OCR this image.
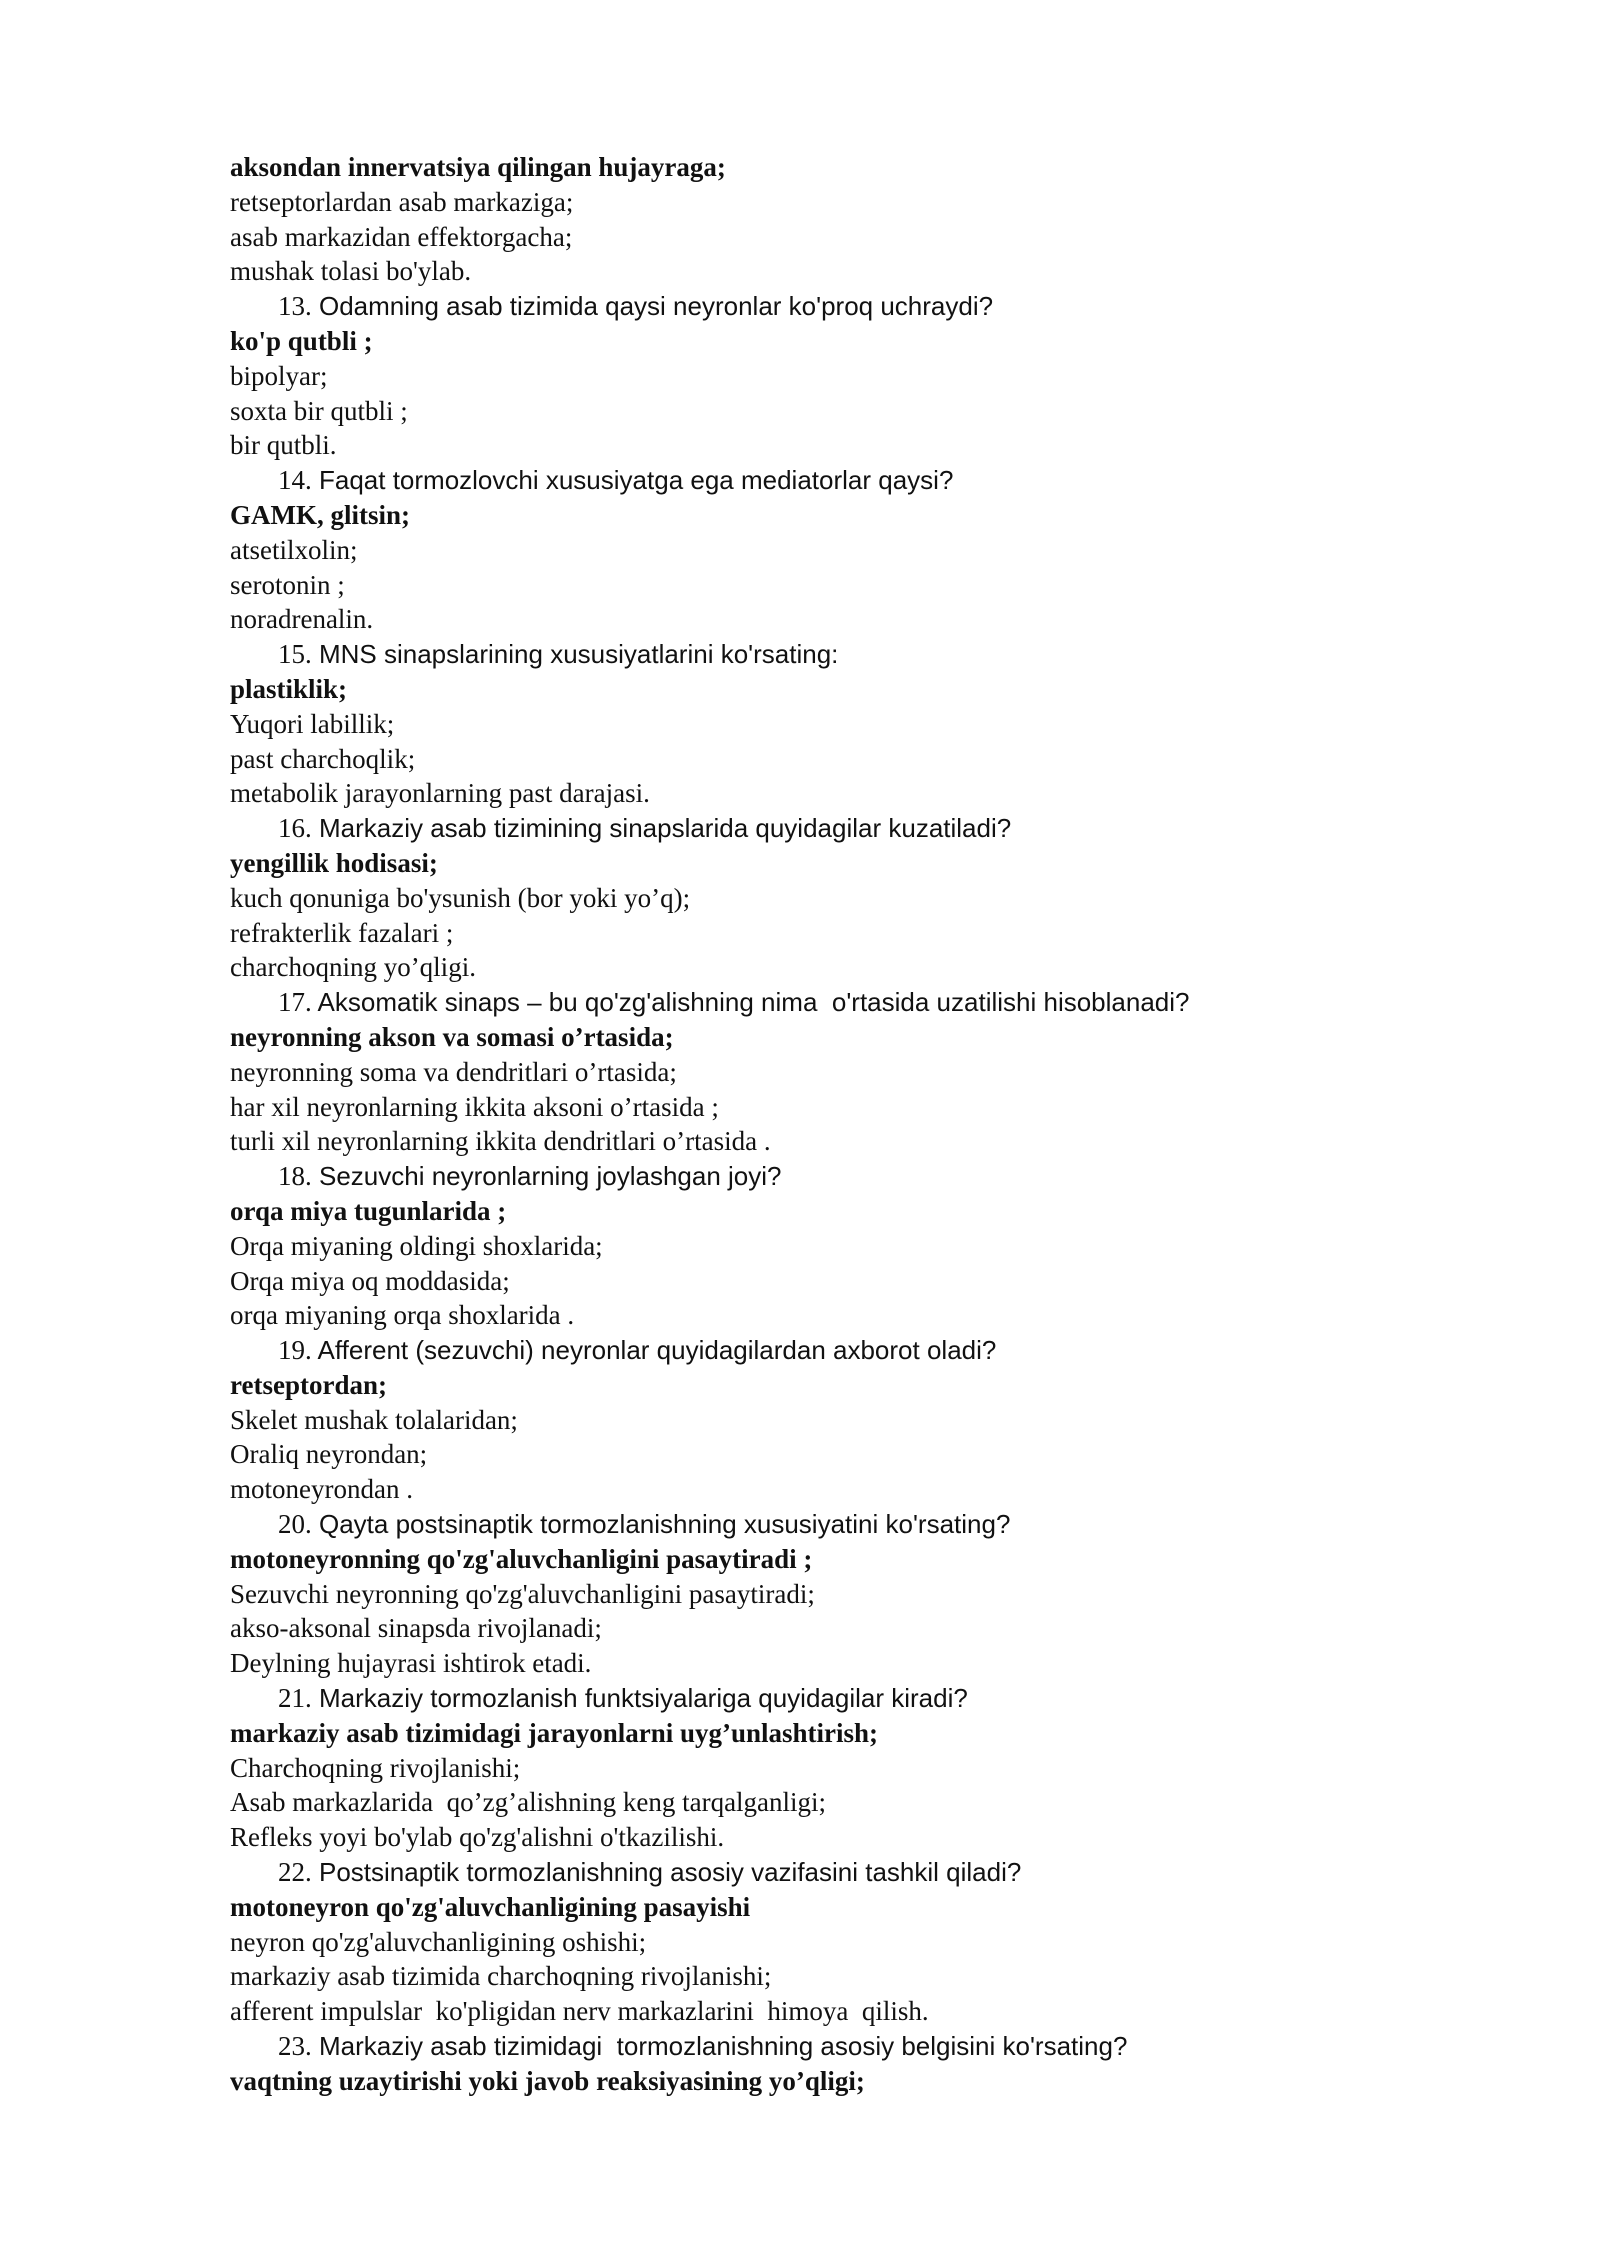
aksondan innervatsiya qilingan hujayraga;
retseptorlardan asab markaziga;
asab markazidan effektorgacha;
mushak tolasi bo'ylab.
13. Odamning asab tizimida qaysi neyronlar ko'proq uchraydi?
ko'p qutbli ;
bipolyar;
soxta bir qutbli ;
bir qutbli.
14. Faqat tormozlovchi xususiyatga ega mediatorlar qaysi?
GAMK, glitsin;
atsetilxolin;
serotonin ;
noradrenalin.
15. MNS sinapslarining xususiyatlarini ko'rsating:
plastiklik;
Yuqori labillik;
past charchoqlik;
metabolik jarayonlarning past darajasi.
16. Markaziy asab tizimining sinapslarida quyidagilar kuzatiladi?
yengillik hodisasi;
kuch qonuniga bo'ysunish (bor yoki yo’q);
refrakterlik fazalari ;
charchoqning yo’qligi.
17. Aksomatik sinaps – bu qo'zg'alishning nima  o'rtasida uzatilishi hisoblanadi?
neyronning akson va somasi o’rtasida;
neyronning soma va dendritlari o’rtasida;
har xil neyronlarning ikkita aksoni o’rtasida ;
turli xil neyronlarning ikkita dendritlari o’rtasida .
18. Sezuvchi neyronlarning joylashgan joyi?
orqa miya tugunlarida ;
Orqa miyaning oldingi shoxlarida;
Orqa miya oq moddasida;
orqa miyaning orqa shoxlarida .
19. Afferent (sezuvchi) neyronlar quyidagilardan axborot oladi?
retseptordan;
Skelet mushak tolalaridan;
Oraliq neyrondan;
motoneyrondan .
20. Qayta postsinaptik tormozlanishning xususiyatini ko'rsating?
motoneyronning qo'zg'aluvchanligini pasaytiradi ;
Sezuvchi neyronning qo'zg'aluvchanligini pasaytiradi;
akso-aksonal sinapsda rivojlanadi;
Deylning hujayrasi ishtirok etadi.
21. Markaziy tormozlanish funktsiyalariga quyidagilar kiradi?
markaziy asab tizimidagi jarayonlarni uyg’unlashtirish;
Charchoqning rivojlanishi;
Asab markazlarida  qo’zg’alishning keng tarqalganligi;
Refleks yoyi bo'ylab qo'zg'alishni o'tkazilishi.
22. Postsinaptik tormozlanishning asosiy vazifasini tashkil qiladi?
motoneyron qo'zg'aluvchanligining pasayishi
neyron qo'zg'aluvchanligining oshishi;
markaziy asab tizimida charchoqning rivojlanishi;
afferent impulslar  ko'pligidan nerv markazlarini  himoya  qilish.
23. Markaziy asab tizimidagi  tormozlanishning asosiy belgisini ko'rsating?
vaqtning uzaytirishi yoki javob reaksiyasining yo’qligi;
